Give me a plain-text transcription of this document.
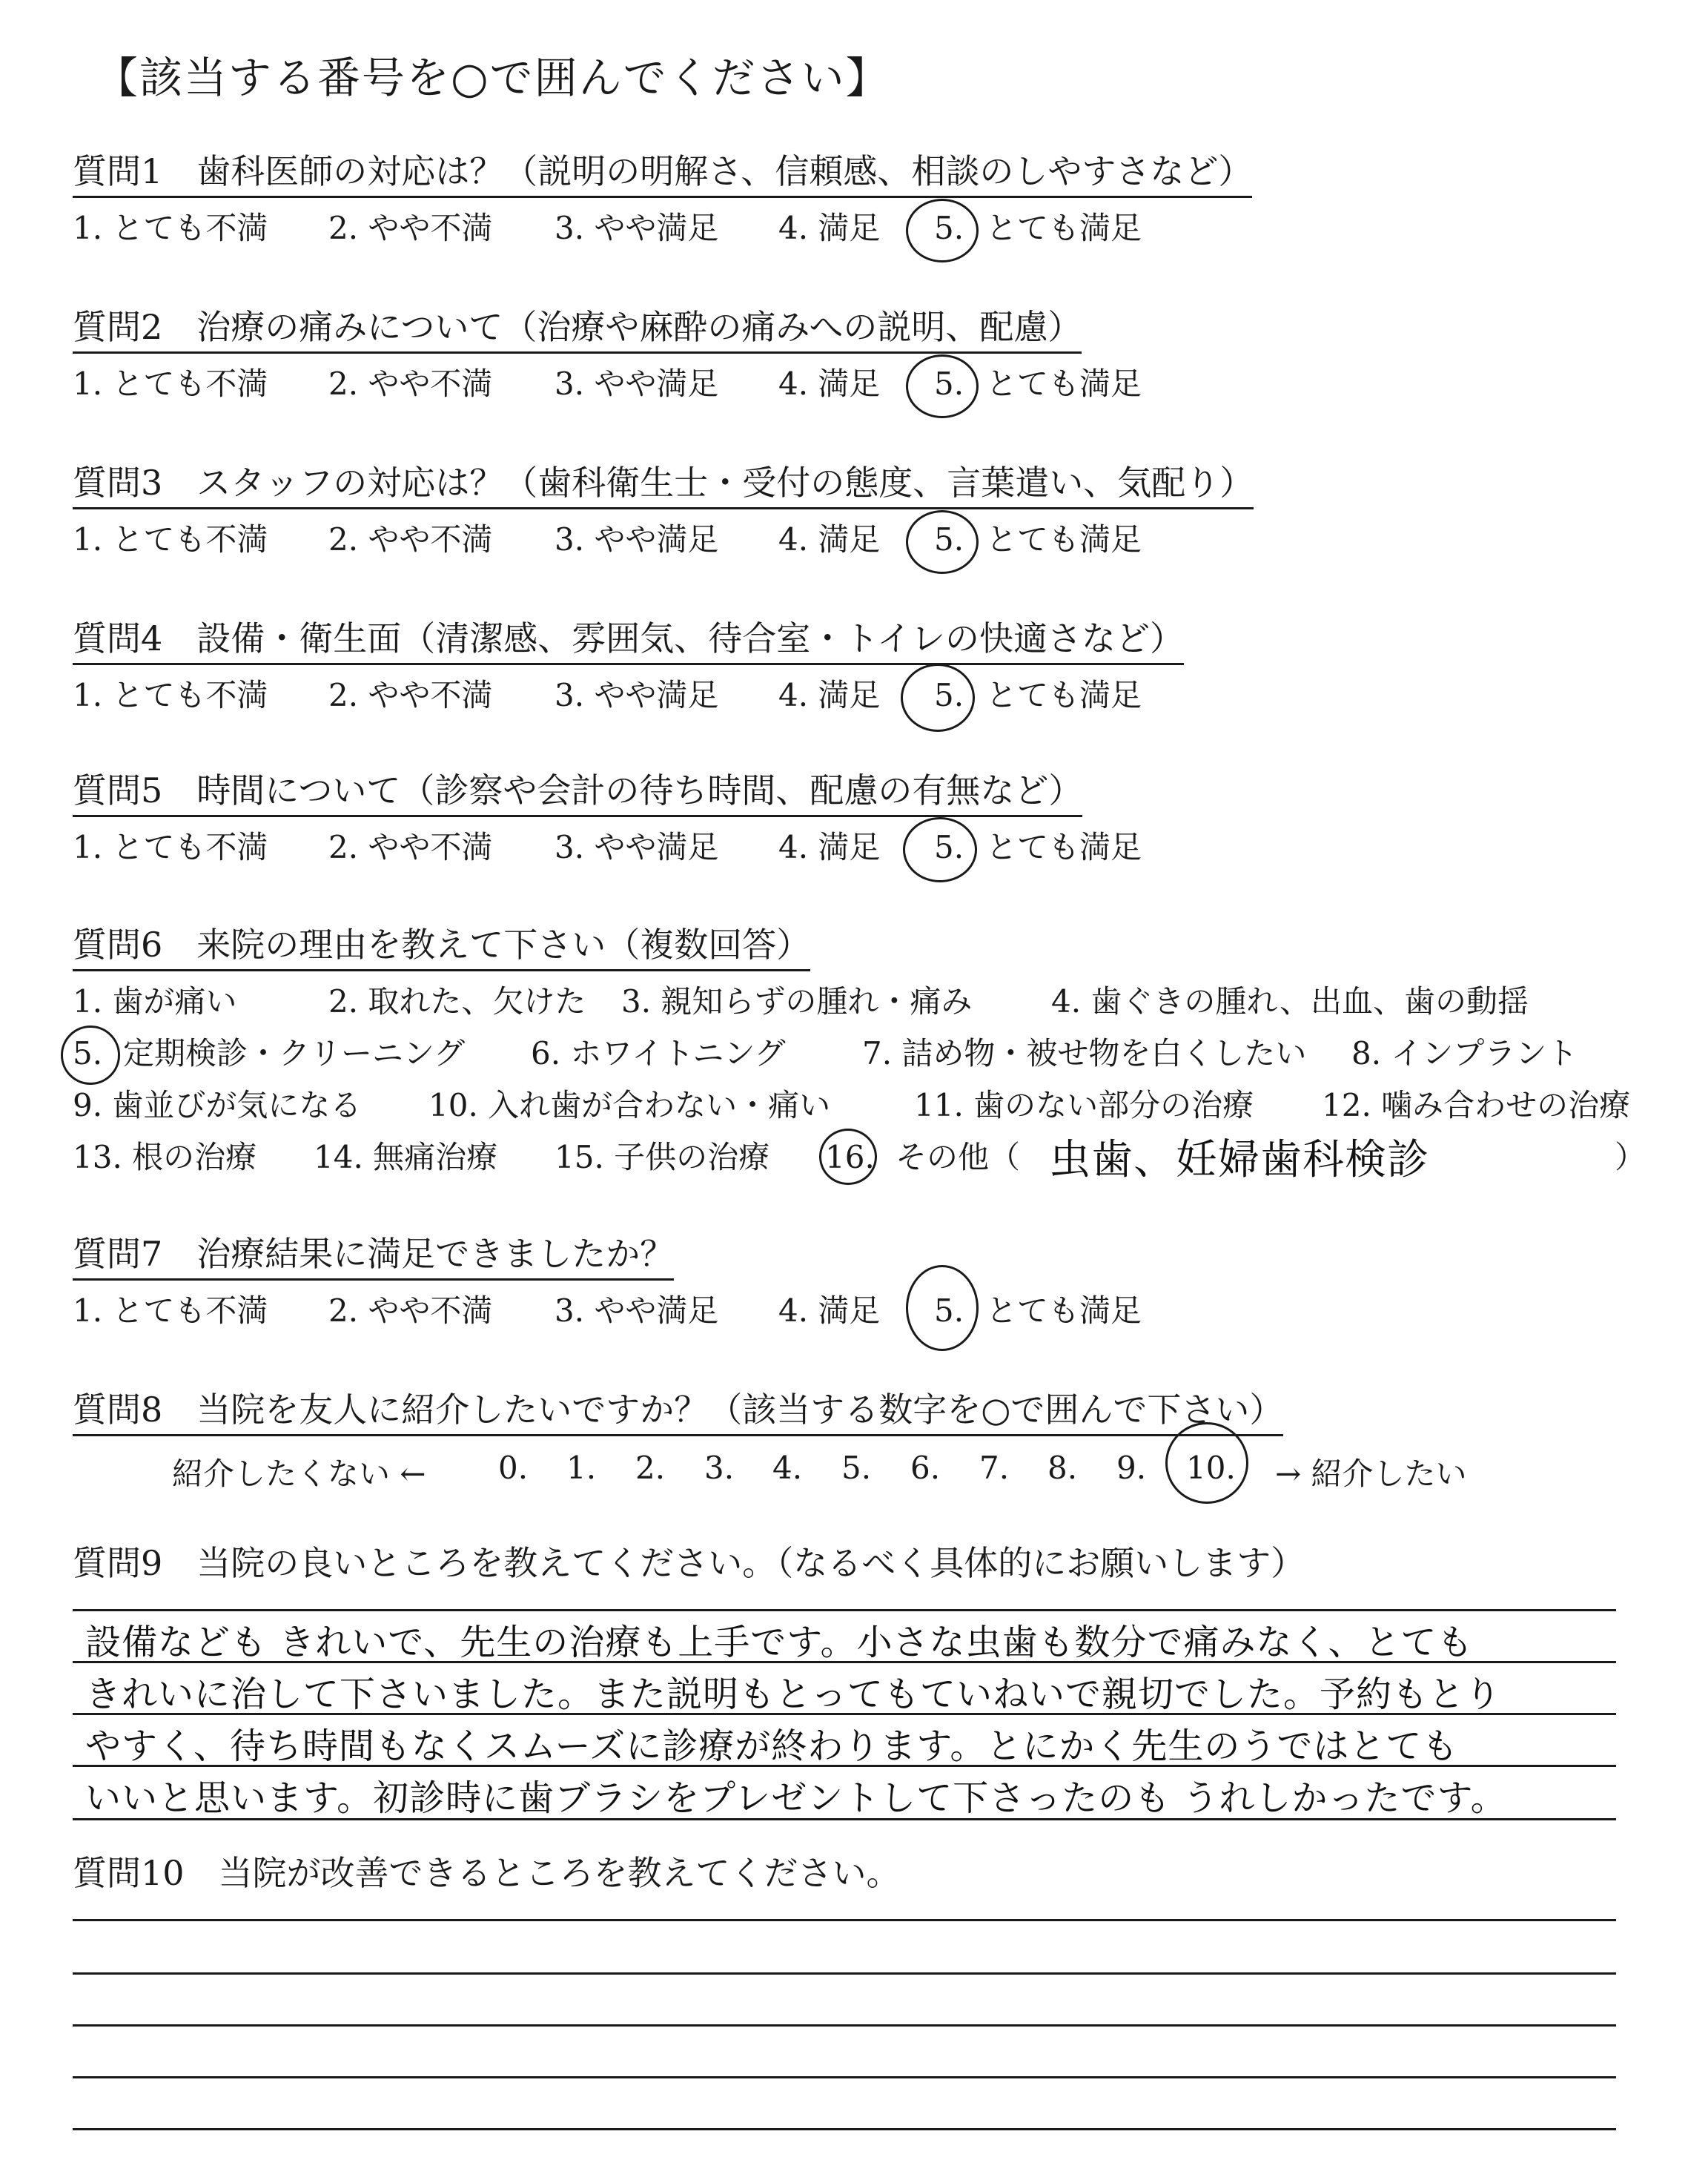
【該当する番号を○で囲んでください】
質問1　歯科医師の対応は？（説明の明解さ、信頼感、相談のしやすさなど）
1. とても不満 2. やや不満 3. やや満足 4. 満足 5. とても満足
質問2　治療の痛みについて（治療や麻酔の痛みへの説明、配慮）
1. とても不満 2. やや不満 3. やや満足 4. 満足 5. とても満足
質問3　スタッフの対応は？（歯科衛生士・受付の態度、言葉遣い、気配り）
1. とても不満 2. やや不満 3. やや満足 4. 満足 5. とても満足
質問4　設備・衛生面（清潔感、雰囲気、待合室・トイレの快適さなど）
1. とても不満 2. やや不満 3. やや満足 4. 満足 5. とても満足
質問5　時間について（診察や会計の待ち時間、配慮の有無など）
1. とても不満 2. やや不満 3. やや満足 4. 満足 5. とても満足
質問6　来院の理由を教えて下さい（複数回答）
1. 歯が痛い	2. 取れた、欠けた 3. 親知らずの腫れ・痛み	4. 歯ぐきの腫れ、出血、歯の動揺
5. 定期検診・クリーニング 6. ホワイトニング 7. 詰め物・被せ物を白くしたい 8. インプラント
9. 歯並びが気になる 10. 入れ歯が合わない・痛い	11. 歯のない部分の治療 12. 噛み合わせの治療
13. 根の治療 14. 無痛治療 15. 子供の治療 16. その他（	）
虫歯、妊婦歯科検診
質問7　治療結果に満足できましたか？
1. とても不満 2. やや不満 3. やや満足 4. 満足 5. とても満足
質問8　当院を友人に紹介したいですか？（該当する数字を○で囲んで下さい）
紹介したくない ← 0. 1. 2. 3. 4. 5. 6. 7. 8. 9. 10. → 紹介したい
質問9　当院の良いところを教えてください。（なるべく具体的にお願いします）
設備なども きれいで、先生の治療も上手です。小さな虫歯も数分で痛みなく、とても
きれいに治して下さいました。また説明もとってもていねいで親切でした。予約もとり
やすく、待ち時間もなくスムーズに診療が終わります。とにかく先生のうではとても
いいと思います。初診時に歯ブラシをプレゼントして下さったのも うれしかったです。
質問10　当院が改善できるところを教えてください。
